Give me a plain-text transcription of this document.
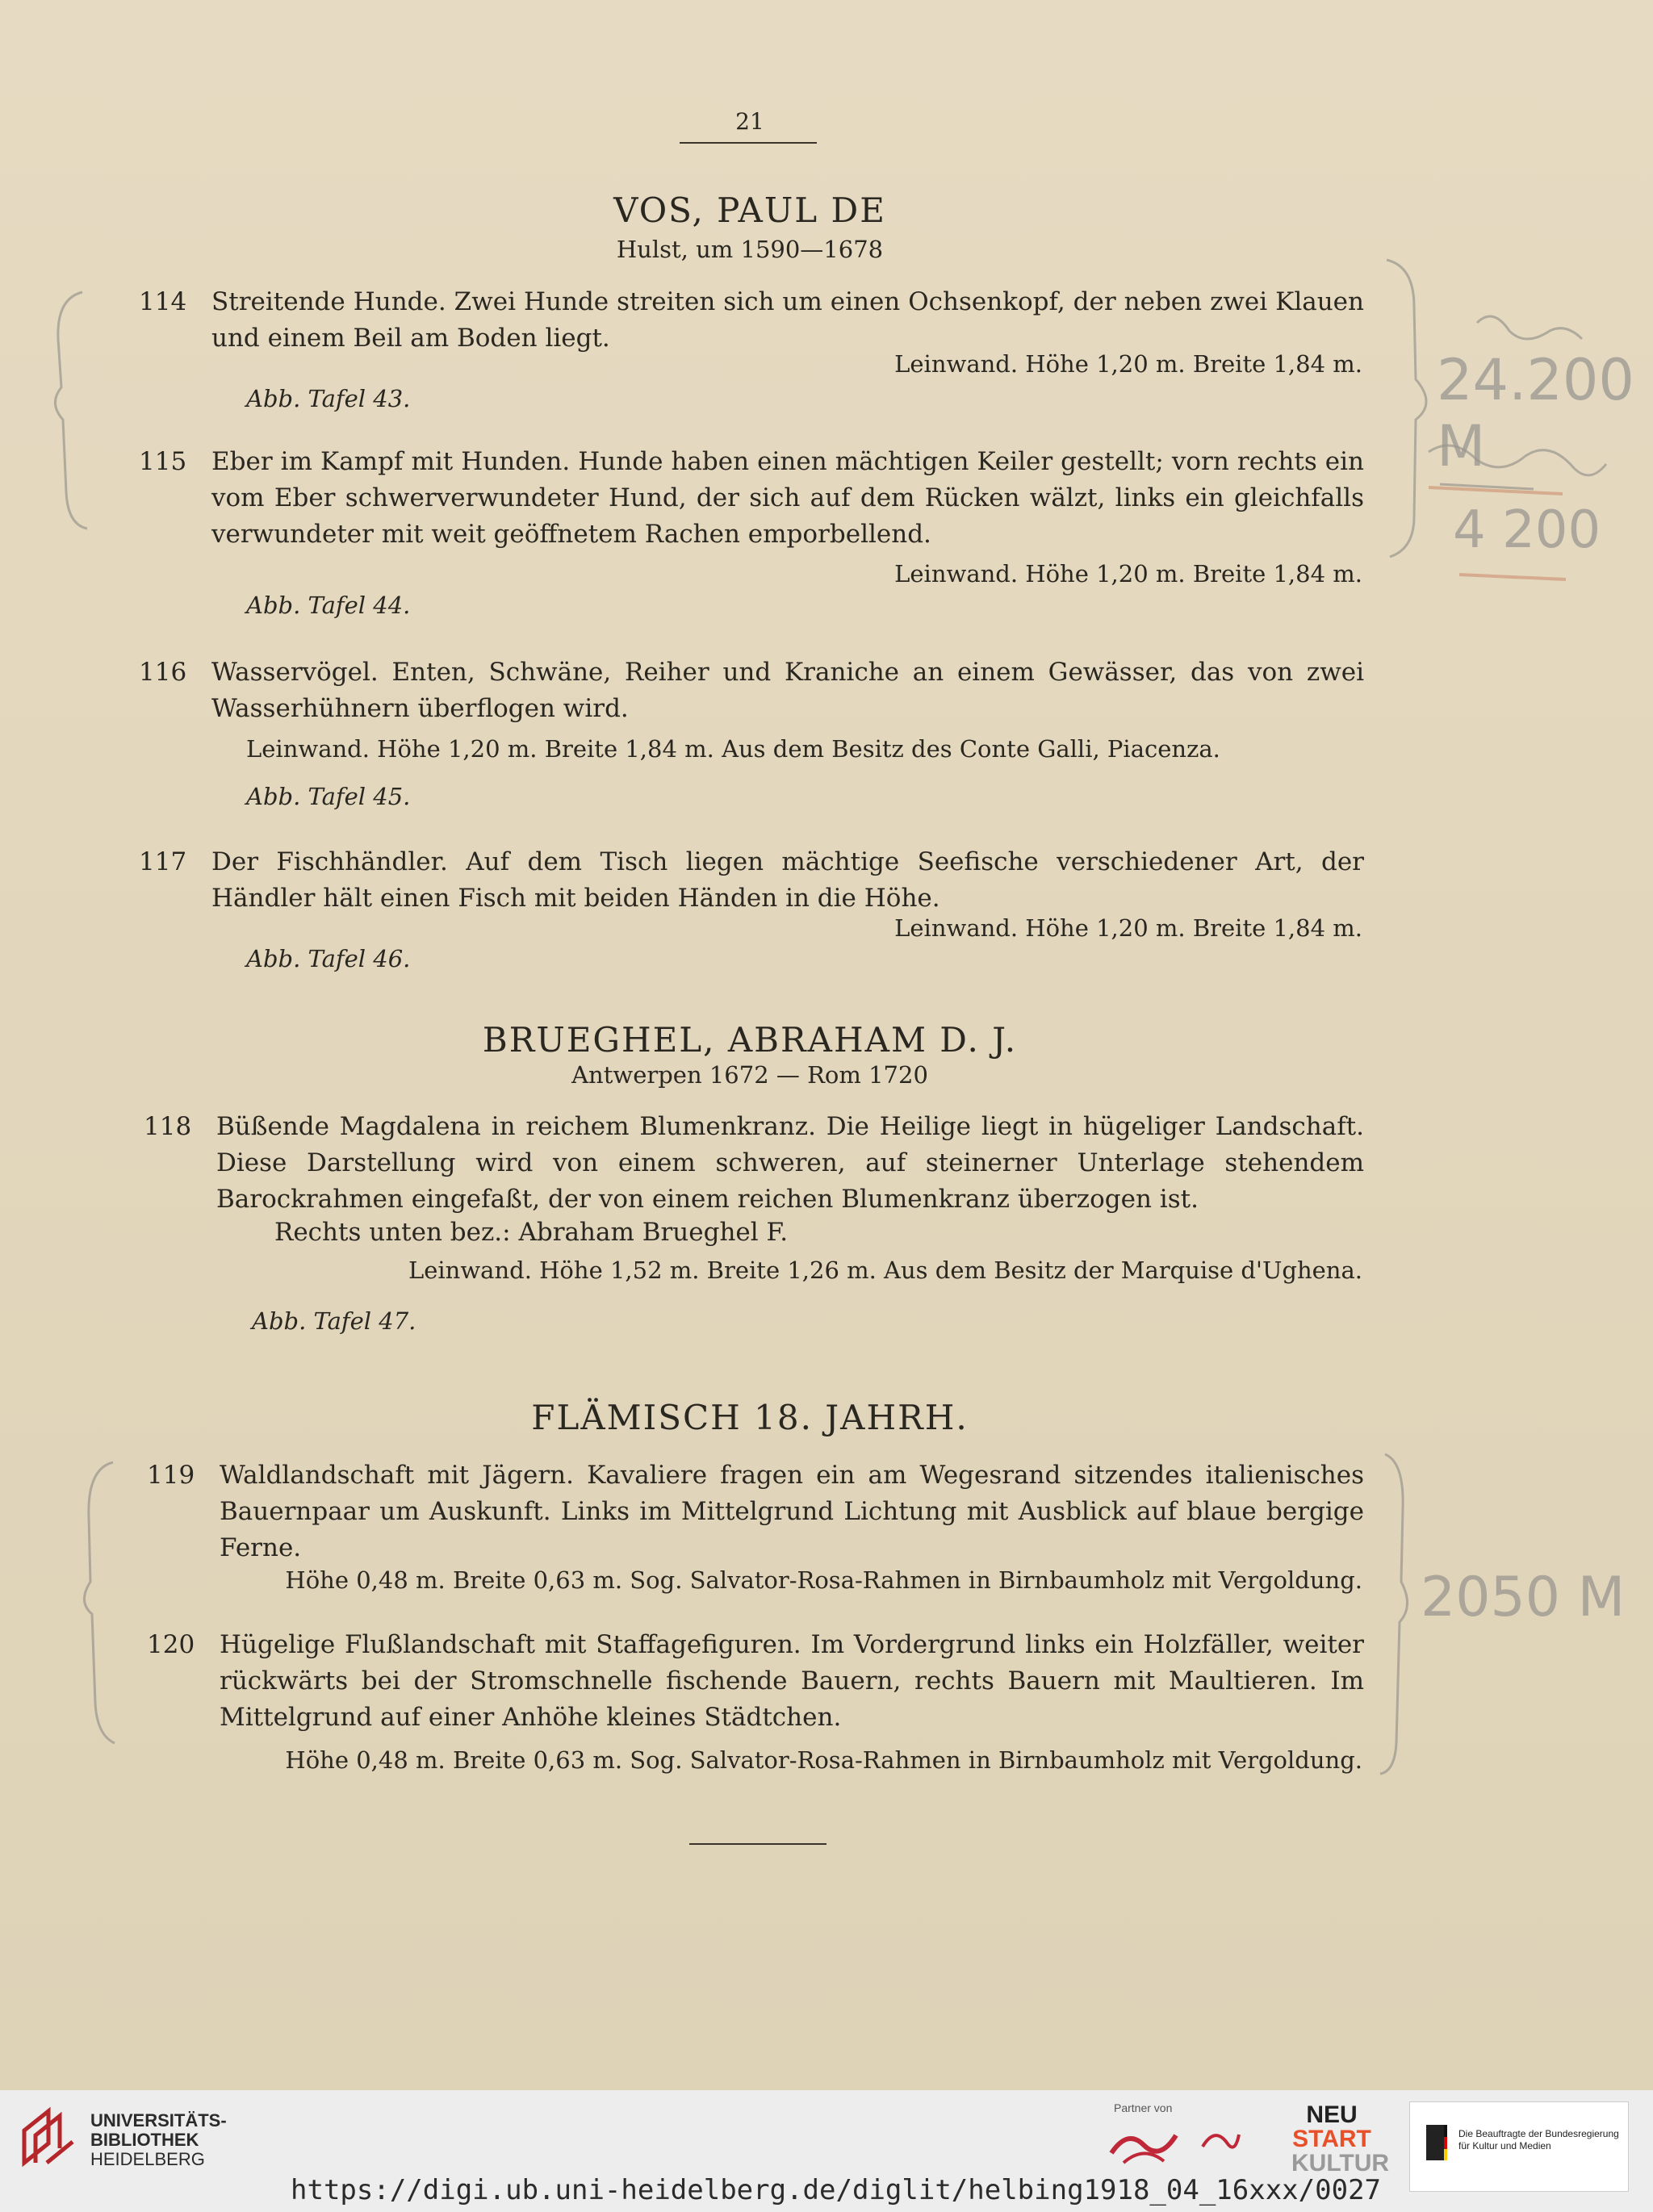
21
VOS, PAUL DE
Hulst, um 1590—1678
114 Streitende Hunde. Zwei Hunde streiten sich um einen Ochsenkopf, der neben zwei Klauen und einem Beil am Boden liegt.
Leinwand. Höhe 1,20 m. Breite 1,84 m.
Abb. Tafel 43.
115 Eber im Kampf mit Hunden. Hunde haben einen mächtigen Keiler gestellt; vorn rechts ein vom Eber schwerverwundeter Hund, der sich auf dem Rücken wälzt, links ein gleichfalls verwundeter mit weit geöffnetem Rachen emporbellend.
Leinwand. Höhe 1,20 m. Breite 1,84 m.
Abb. Tafel 44.
116 Wasservögel. Enten, Schwäne, Reiher und Kraniche an einem Gewässer, das von zwei Wasserhühnern überflogen wird.
Leinwand. Höhe 1,20 m. Breite 1,84 m. Aus dem Besitz des Conte Galli, Piacenza.
Abb. Tafel 45.
117 Der Fischhändler. Auf dem Tisch liegen mächtige Seefische verschiedener Art, der Händler hält einen Fisch mit beiden Händen in die Höhe.
Leinwand. Höhe 1,20 m. Breite 1,84 m.
Abb. Tafel 46.
BRUEGHEL, ABRAHAM D. J.
Antwerpen 1672 — Rom 1720
118 Büßende Magdalena in reichem Blumenkranz. Die Heilige liegt in hügeliger Landschaft. Diese Darstellung wird von einem schweren, auf steinerner Unterlage stehendem Barockrahmen eingefaßt, der von einem reichen Blumenkranz überzogen ist.
Rechts unten bez.: Abraham Brueghel F.
Leinwand. Höhe 1,52 m. Breite 1,26 m. Aus dem Besitz der Marquise d'Ughena.
Abb. Tafel 47.
FLÄMISCH 18. JAHRH.
119 Waldlandschaft mit Jägern. Kavaliere fragen ein am Wegesrand sitzendes italienisches Bauernpaar um Auskunft. Links im Mittelgrund Lichtung mit Ausblick auf blaue bergige Ferne.
Höhe 0,48 m. Breite 0,63 m. Sog. Salvator-Rosa-Rahmen in Birnbaumholz mit Vergoldung.
120 Hügelige Flußlandschaft mit Staffagefiguren. Im Vordergrund links ein Holzfäller, weiter rückwärts bei der Stromschnelle fischende Bauern, rechts Bauern mit Maultieren. Im Mittelgrund auf einer Anhöhe kleines Städtchen.
Höhe 0,48 m. Breite 0,63 m. Sog. Salvator-Rosa-Rahmen in Birnbaumholz mit Vergoldung.
24.200 M
4 200
2050 M
UNIVERSITÄTS-
BIBLIOTHEK
HEIDELBERG
Partner von	NEU
START
KULTUR
Die Beauftragte der Bundesregierung
für Kultur und Medien
https://digi.ub.uni-heidelberg.de/diglit/helbing1918_04_16xxx/0027
